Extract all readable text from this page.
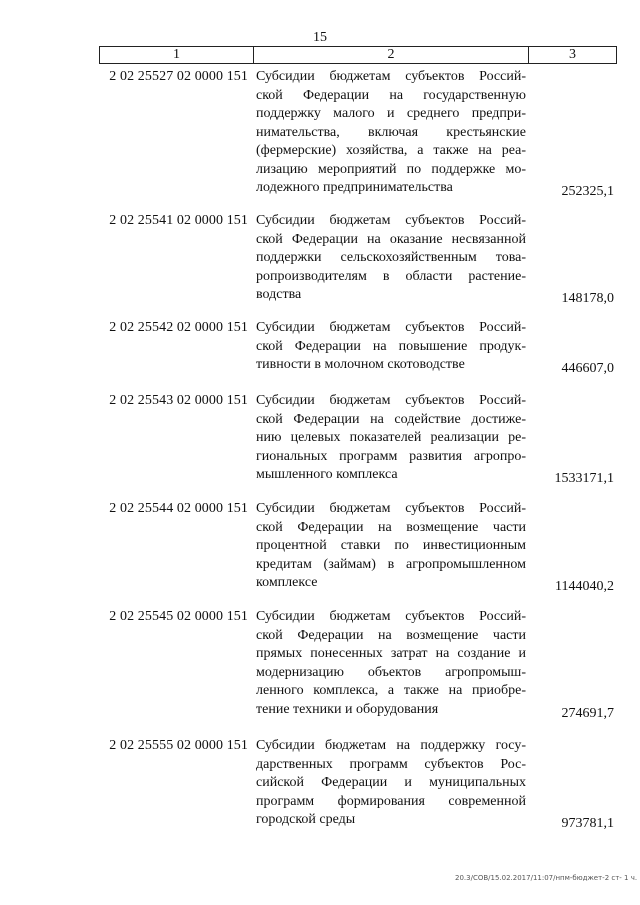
15
1	2	3
2 02 25527 02 0000 151 Субсидии бюджетам субъектов Россий-
ской Федерации на государственную
поддержку малого и среднего предпри-
нимательства, включая крестьянские
(фермерские) хозяйства, а также на реа-
лизацию мероприятий по поддержке мо-
лодежного предпринимательства	252325,1
2 02 25541 02 0000 151 Субсидии бюджетам субъектов Россий-
ской Федерации на оказание несвязанной
поддержки сельскохозяйственным това-
ропроизводителям в области растение-
водства	148178,0
2 02 25542 02 0000 151 Субсидии бюджетам субъектов Россий-
ской Федерации на повышение продук-
тивности в молочном скотоводстве	446607,0
2 02 25543 02 0000 151 Субсидии бюджетам субъектов Россий-
ской Федерации на содействие достиже-
нию целевых показателей реализации ре-
гиональных программ развития агропро-
мышленного комплекса	1533171,1
2 02 25544 02 0000 151 Субсидии бюджетам субъектов Россий-
ской Федерации на возмещение части
процентной ставки по инвестиционным
кредитам (займам) в агропромышленном
комплексе	1144040,2
2 02 25545 02 0000 151 Субсидии бюджетам субъектов Россий-
ской Федерации на возмещение части
прямых понесенных затрат на создание и
модернизацию объектов агропромыш-
ленного комплекса, а также на приобре-
тение техники и оборудования	274691,7
2 02 25555 02 0000 151 Субсидии бюджетам на поддержку госу-
дарственных программ субъектов Рос-
сийской Федерации и муниципальных
программ формирования современной
городской среды	973781,1
20.3/СОВ/15.02.2017/11:07/нпм-бюджет-2 ст- 1 ч.
